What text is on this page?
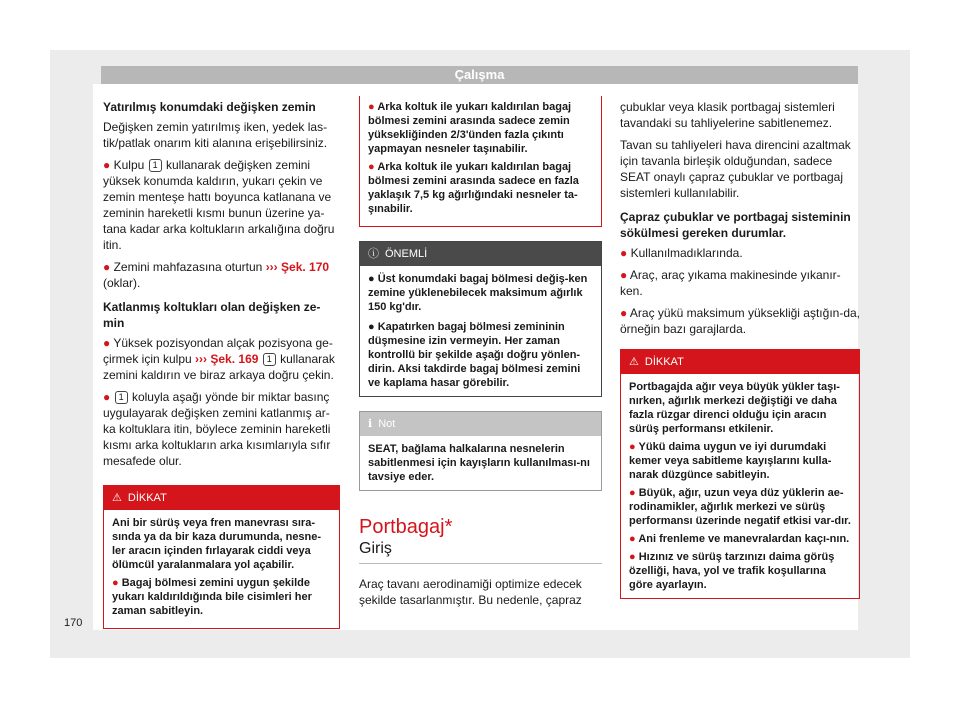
Çalışma
170
Yatırılmış konumdaki değişken zemin

Değişken zemin yatırılmış iken, yedek las-tik/patlak onarım kiti alanına erişebilirsiniz.

● Kulpu 1 kullanarak değişken zemini yüksek konumda kaldırın, yukarı çekin ve zemin menteşe hattı boyunca katlanana ve zeminin hareketli kısmı bunun üzerine ya-tana kadar arka koltukların arkalığına doğru itin.

● Zemini mahfazasına oturtun ››› Şek. 170 (oklar).

Katlanmış koltukları olan değişken ze-min

● Yüksek pozisyondan alçak pozisyona ge-çirmek için kulpu ››› Şek. 169 1 kullanarak zemini kaldırın ve biraz arkaya doğru çekin.

● 1 koluyla aşağı yönde bir miktar basınç uygulayarak değişken zemini katlanmış ar-ka koltuklara itin, böylece zeminin hareketli kısmı arka koltukların arka kısımlarıyla sıfır mesafede olur.

⚠ DİKKAT

Ani bir sürüş veya fren manevrası sıra-sında ya da bir kaza durumunda, nesne-ler aracın içinden fırlayarak ciddi veya ölümcül yaralanmalara yol açabilir.

● Bagaj bölmesi zemini uygun şekilde yukarı kaldırıldığında bile cisimleri her zaman sabitleyin.

● Arka koltuk ile yukarı kaldırılan bagaj bölmesi zemini arasında sadece zemin yüksekliğinden 2/3'ünden fazla çıkıntı yapmayan nesneler taşınabilir.

● Arka koltuk ile yukarı kaldırılan bagaj bölmesi zemini arasında sadece en fazla yaklaşık 7,5 kg ağırlığındaki nesneler ta-şınabilir.

ⓘ ÖNEMLİ

● Üst konumdaki bagaj bölmesi değiş-ken zemine yüklenebilecek maksimum ağırlık 150 kg'dır.

● Kapatırken bagaj bölmesi zemininin düşmesine izin vermeyin. Her zaman kontrollü bir şekilde aşağı doğru yönlen-dirin. Aksi takdirde bagaj bölmesi zemini ve kaplama hasar görebilir.

ℹ Not
SEAT, bağlama halkalarına nesnelerin sabitlenmesi için kayışların kullanılması-nı tavsiye eder.
Portbagaj*
Giriş

Araç tavanı aerodinamiği optimize edecek şekilde tasarlanmıştır. Bu nedenle, çapraz

çubuklar veya klasik portbagaj sistemleri tavandaki su tahliyelerine sabitlenemez.

Tavan su tahliyeleri hava direncini azaltmak için tavanla birleşik olduğundan, sadece SEAT onaylı çapraz çubuklar ve portbagaj sistemleri kullanılabilir.

Çapraz çubuklar ve portbagaj sisteminin sökülmesi gereken durumlar.

● Kullanılmadıklarında.

● Araç, araç yıkama makinesinde yıkanır-ken.

● Araç yükü maksimum yüksekliği aştığın-da, örneğin bazı garajlarda.

⚠ DİKKAT

Portbagajda ağır veya büyük yükler taşı-nırken, ağırlık merkezi değiştiği ve daha fazla rüzgar direnci olduğu için aracın sürüş performansı etkilenir.

● Yükü daima uygun ve iyi durumdaki kemer veya sabitleme kayışlarını kulla-narak düzgünce sabitleyin.

● Büyük, ağır, uzun veya düz yüklerin ae-rodinamikler, ağırlık merkezi ve sürüş performansı üzerinde negatif etkisi var-dır.

● Ani frenleme ve manevralardan kaçı-nın.

● Hızınız ve sürüş tarzınızı daima görüş özelliği, hava, yol ve trafik koşullarına göre ayarlayın.
